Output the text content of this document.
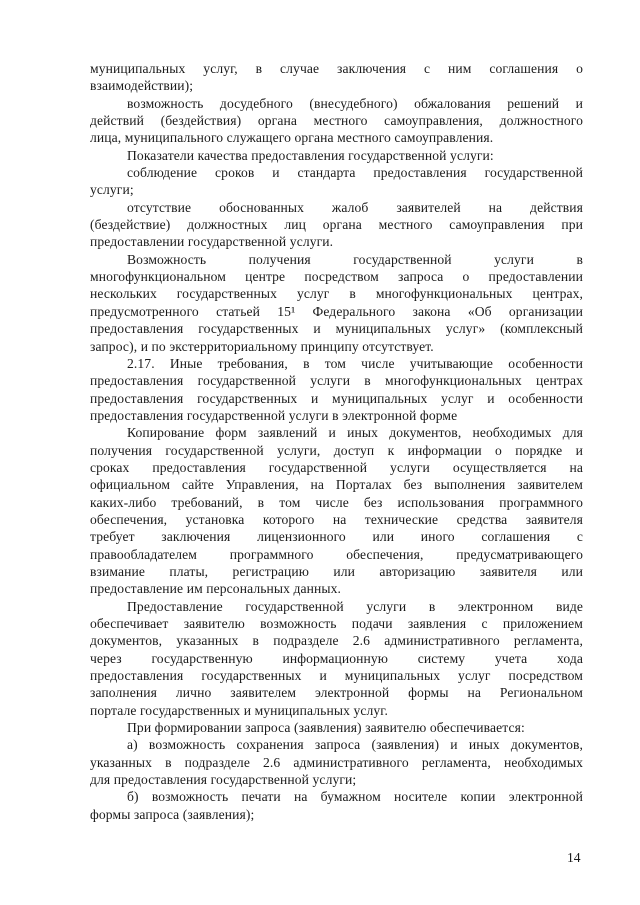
муниципальных услуг, в случае заключения с ним соглашения о
взаимодействии);
возможность досудебного (внесудебного) обжалования решений и
действий (бездействия) органа местного самоуправления, должностного
лица, муниципального служащего органа местного самоуправления.
Показатели качества предоставления государственной услуги:
соблюдение сроков и стандарта предоставления государственной
услуги;
отсутствие обоснованных жалоб заявителей на действия
(бездействие) должностных лиц органа местного самоуправления при
предоставлении государственной услуги.
Возможность получения государственной услуги в
многофункциональном центре посредством запроса о предоставлении
нескольких государственных услуг в многофункциональных центрах,
предусмотренного статьей 15¹ Федерального закона «Об организации
предоставления государственных и муниципальных услуг» (комплексный
запрос), и по экстерриториальному принципу отсутствует.
2.17. Иные требования, в том числе учитывающие особенности
предоставления государственной услуги в многофункциональных центрах
предоставления государственных и муниципальных услуг и особенности
предоставления государственной услуги в электронной форме
Копирование форм заявлений и иных документов, необходимых для
получения государственной услуги, доступ к информации о порядке и
сроках предоставления государственной услуги осуществляется на
официальном сайте Управления, на Порталах без выполнения заявителем
каких-либо требований, в том числе без использования программного
обеспечения, установка которого на технические средства заявителя
требует заключения лицензионного или иного соглашения с
правообладателем программного обеспечения, предусматривающего
взимание платы, регистрацию или авторизацию заявителя или
предоставление им персональных данных.
Предоставление государственной услуги в электронном виде
обеспечивает заявителю возможность подачи заявления с приложением
документов, указанных в подразделе 2.6 административного регламента,
через государственную информационную систему учета хода
предоставления государственных и муниципальных услуг посредством
заполнения лично заявителем электронной формы на Региональном
портале государственных и муниципальных услуг.
При формировании запроса (заявления) заявителю обеспечивается:
а) возможность сохранения запроса (заявления) и иных документов,
указанных в подразделе 2.6 административного регламента, необходимых
для предоставления государственной услуги;
б) возможность печати на бумажном носителе копии электронной
формы запроса (заявления);
14
